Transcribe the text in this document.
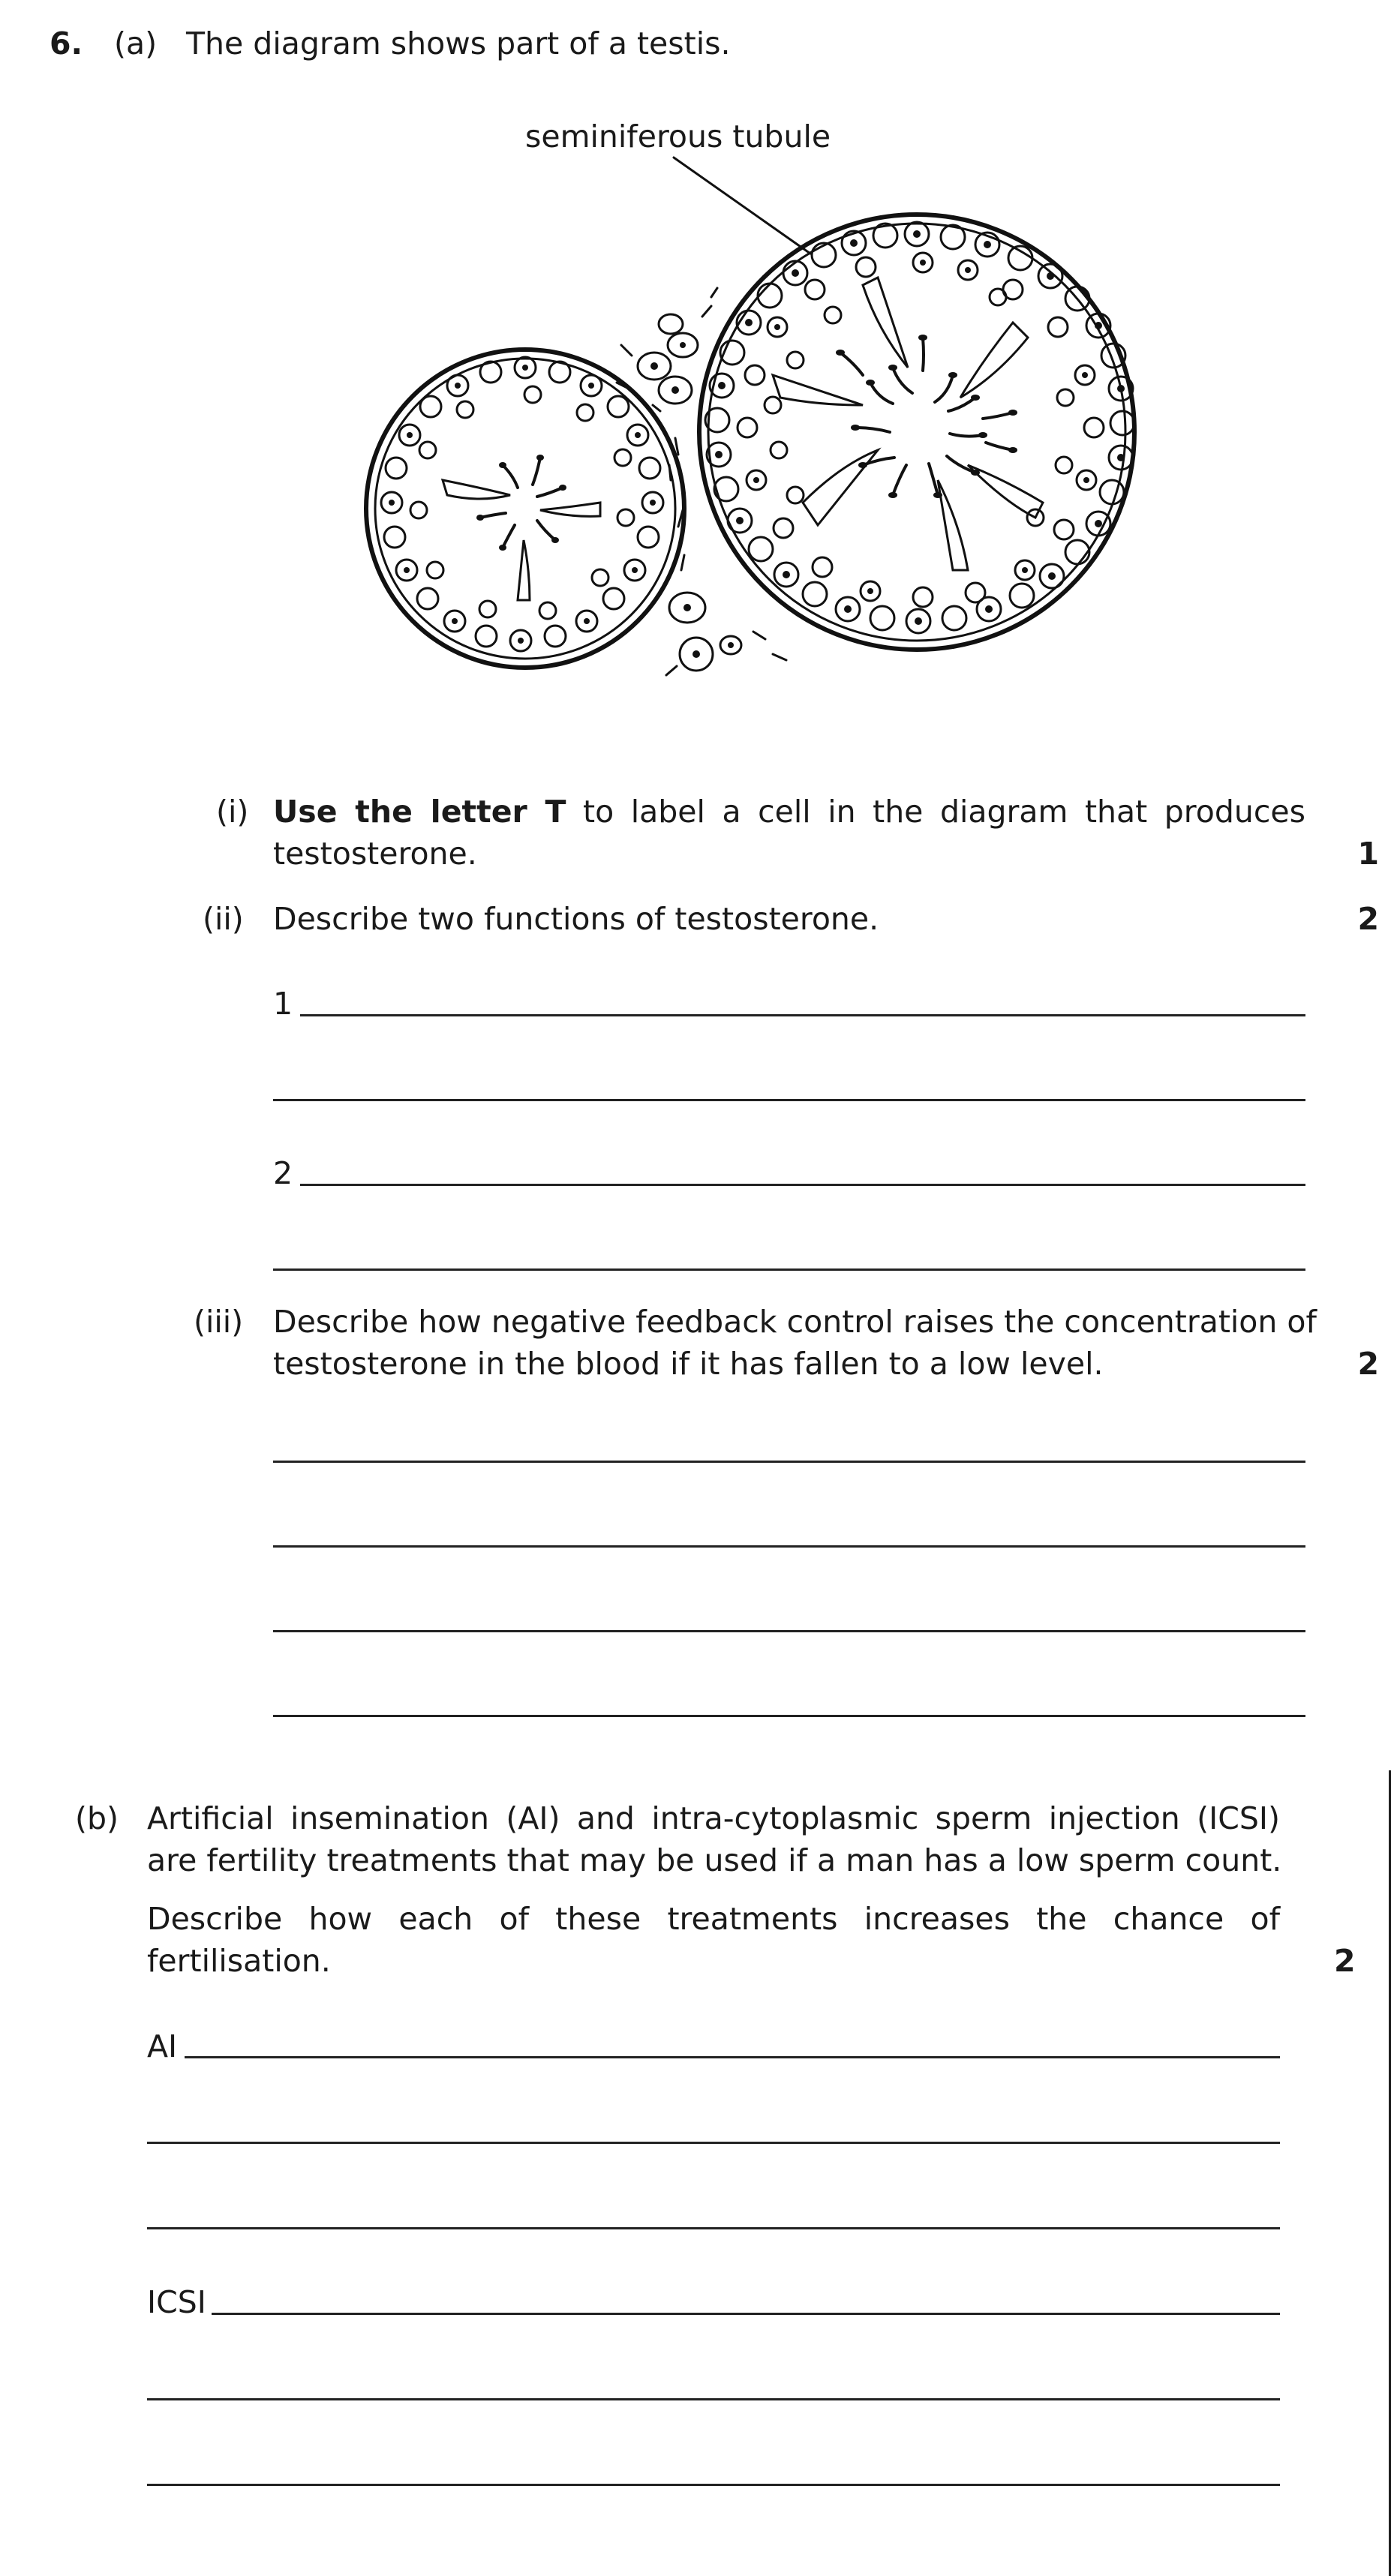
6. (a) The diagram shows part of a testis.
seminiferous tubule
(i) Use the letter T to label a cell in the diagram that produces
testosterone.	1
(ii) Describe two functions of testosterone.	2
1
2
(iii) Describe how negative feedback control raises the concentration of
testosterone in the blood if it has fallen to a low level.	2
(b) Artificial insemination (AI) and intra-cytoplasmic sperm injection (ICSI)
are fertility treatments that may be used if a man has a low sperm count.
Describe how each of these treatments increases the chance of
fertilisation.	2
AI
ICSI
